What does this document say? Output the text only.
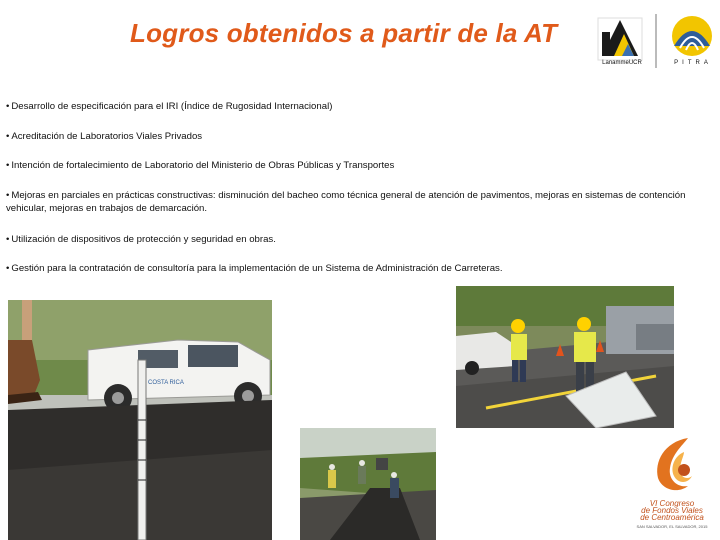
Logros obtenidos a partir de la AT
LanammeUCR	PITRA
• Desarrollo de especificación para el IRI (Índice de Rugosidad Internacional)
• Acreditación de Laboratorios Viales Privados
• Intención de fortalecimiento de Laboratorio del Ministerio de Obras Públicas y Transportes
• Mejoras en parciales en prácticas constructivas: disminución del bacheo como técnica general de atención de pavimentos, mejoras en sistemas de contención vehicular, mejoras en trabajos de demarcación.
• Utilización de dispositivos de protección y seguridad en obras.
• Gestión para la contratación de consultoría para la implementación de un Sistema de Administración de Carreteras.
COSTA RICA
VI Congreso
de Fondos Viales
de Centroamérica
SAN SALVADOR, EL SALVADOR, 2015
